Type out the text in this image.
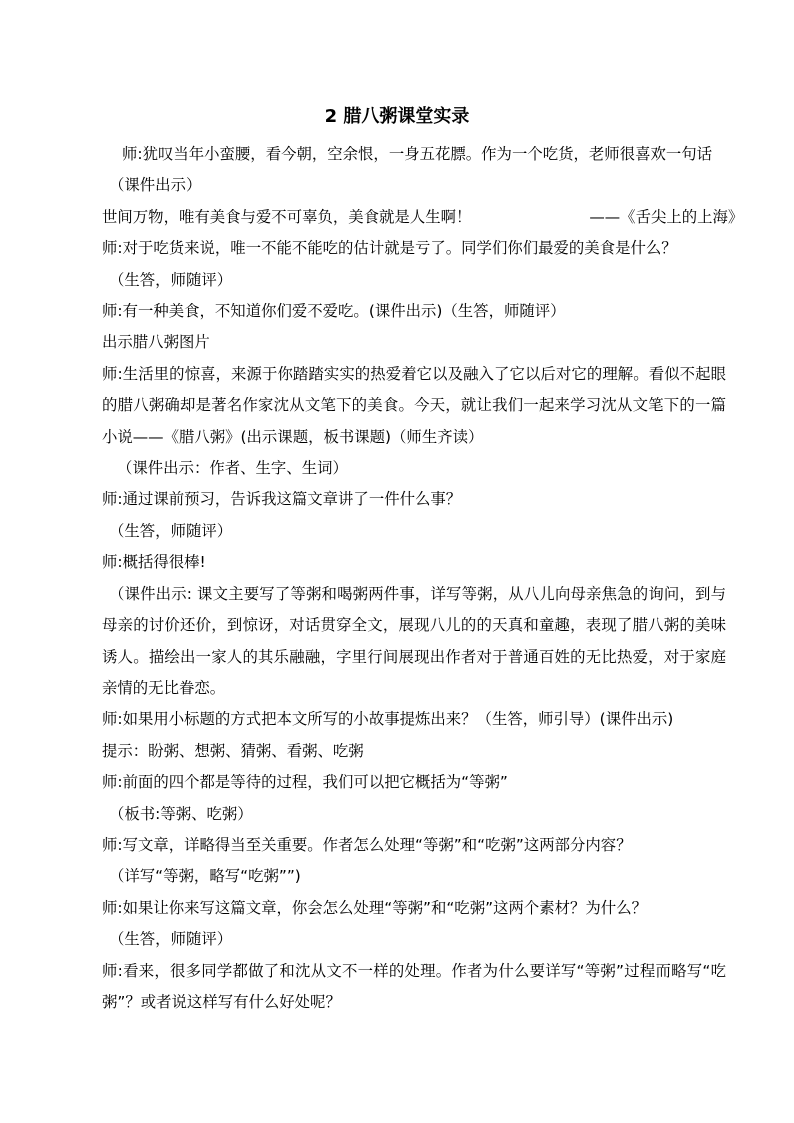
2 腊八粥课堂实录

师:犹叹当年小蛮腰，看今朝，空余恨，一身五花膘。作为一个吃货，老师很喜欢一句话

（课件出示）

世间万物，唯有美食与爱不可辜负，美食就是人生啊！	——《舌尖上的上海》

师:对于吃货来说，唯一不能不能吃的估计就是亏了。同学们你们最爱的美食是什么？

（生答，师随评）

师:有一种美食，不知道你们爱不爱吃。(课件出示)（生答，师随评）

出示腊八粥图片

师:生活里的惊喜，来源于你踏踏实实的热爱着它以及融入了它以后对它的理解。看似不起眼的腊八粥确却是著名作家沈从文笔下的美食。今天，就让我们一起来学习沈从文笔下的一篇小说——《腊八粥》(出示课题，板书课题)（师生齐读）

（课件出示：作者、生字、生词）

师:通过课前预习，告诉我这篇文章讲了一件什么事？

（生答，师随评）

师:概括得很棒!

（课件出示: 课文主要写了等粥和喝粥两件事，详写等粥，从八儿向母亲焦急的询问，到与母亲的讨价还价，到惊讶，对话贯穿全文，展现八儿的的天真和童趣，表现了腊八粥的美味诱人。描绘出一家人的其乐融融，字里行间展现出作者对于普通百姓的无比热爱，对于家庭亲情的无比眷恋。

师:如果用小标题的方式把本文所写的小故事提炼出来？（生答，师引导）(课件出示)

提示：盼粥、想粥、猜粥、看粥、吃粥

师:前面的四个都是等待的过程，我们可以把它概括为“等粥”

（板书:等粥、吃粥）

师:写文章，详略得当至关重要。作者怎么处理“等粥”和“吃粥”这两部分内容？

（详写“等粥，略写“吃粥””)

师:如果让你来写这篇文章，你会怎么处理“等粥”和“吃粥”这两个素材？为什么？

（生答，师随评）

师:看来，很多同学都做了和沈从文不一样的处理。作者为什么要详写“等粥”过程而略写“吃粥”？或者说这样写有什么好处呢？
